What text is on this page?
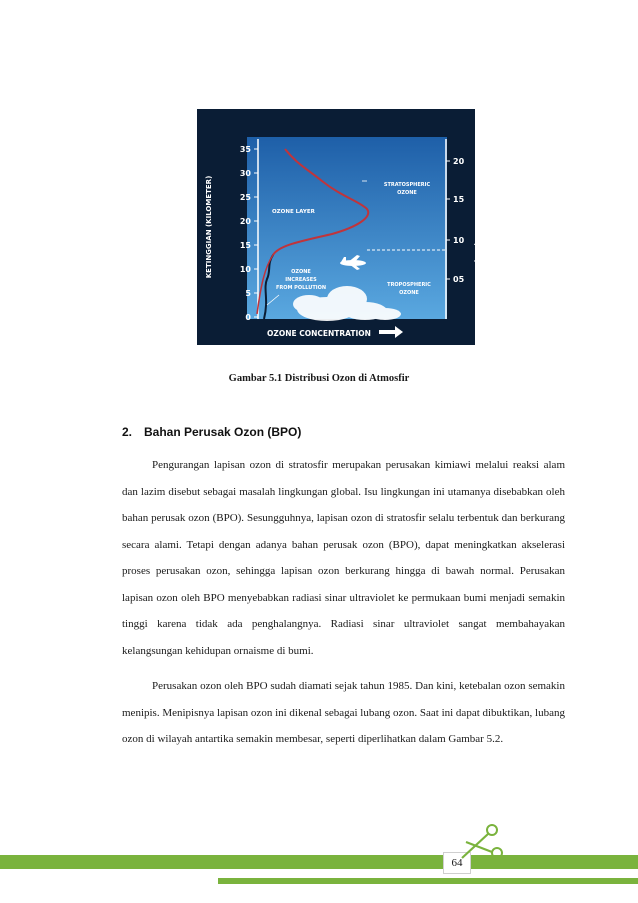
35
30
25
20
15
10
5
0
20
15
10
05
KETINGGIAN (KILOMETER)	KETINGGIAN (MIL)
OZONE LAYER
STRATOSPHERIC
OZONE
TROPOSPHERIC
OZONE
OZONE
INCREASES
FROM POLLUTION
OZONE CONCENTRATION
Gambar 5.1 Distribusi Ozon di Atmosfir
2. Bahan Perusak Ozon (BPO)

Pengurangan lapisan ozon di stratosfir merupakan perusakan kimiawi melalui reaksi alam dan lazim disebut sebagai masalah lingkungan global. Isu lingkungan ini utamanya disebabkan oleh bahan perusak ozon (BPO). Sesungguhnya, lapisan ozon di stratosfir selalu terbentuk dan berkurang secara alami. Tetapi dengan adanya bahan perusak ozon (BPO), dapat meningkatkan akselerasi proses perusakan ozon, sehingga lapisan ozon berkurang hingga di bawah normal. Perusakan lapisan ozon oleh BPO menyebabkan radiasi sinar ultraviolet ke permukaan bumi menjadi semakin tinggi karena tidak ada penghalangnya. Radiasi sinar ultraviolet sangat membahayakan kelangsungan kehidupan ornaisme di bumi.

Perusakan ozon oleh BPO sudah diamati sejak tahun 1985. Dan kini, ketebalan ozon semakin menipis. Menipisnya lapisan ozon ini dikenal sebagai lubang ozon. Saat ini dapat dibuktikan, lubang ozon di wilayah antartika semakin membesar, seperti diperlihatkan dalam Gambar 5.2.

64
